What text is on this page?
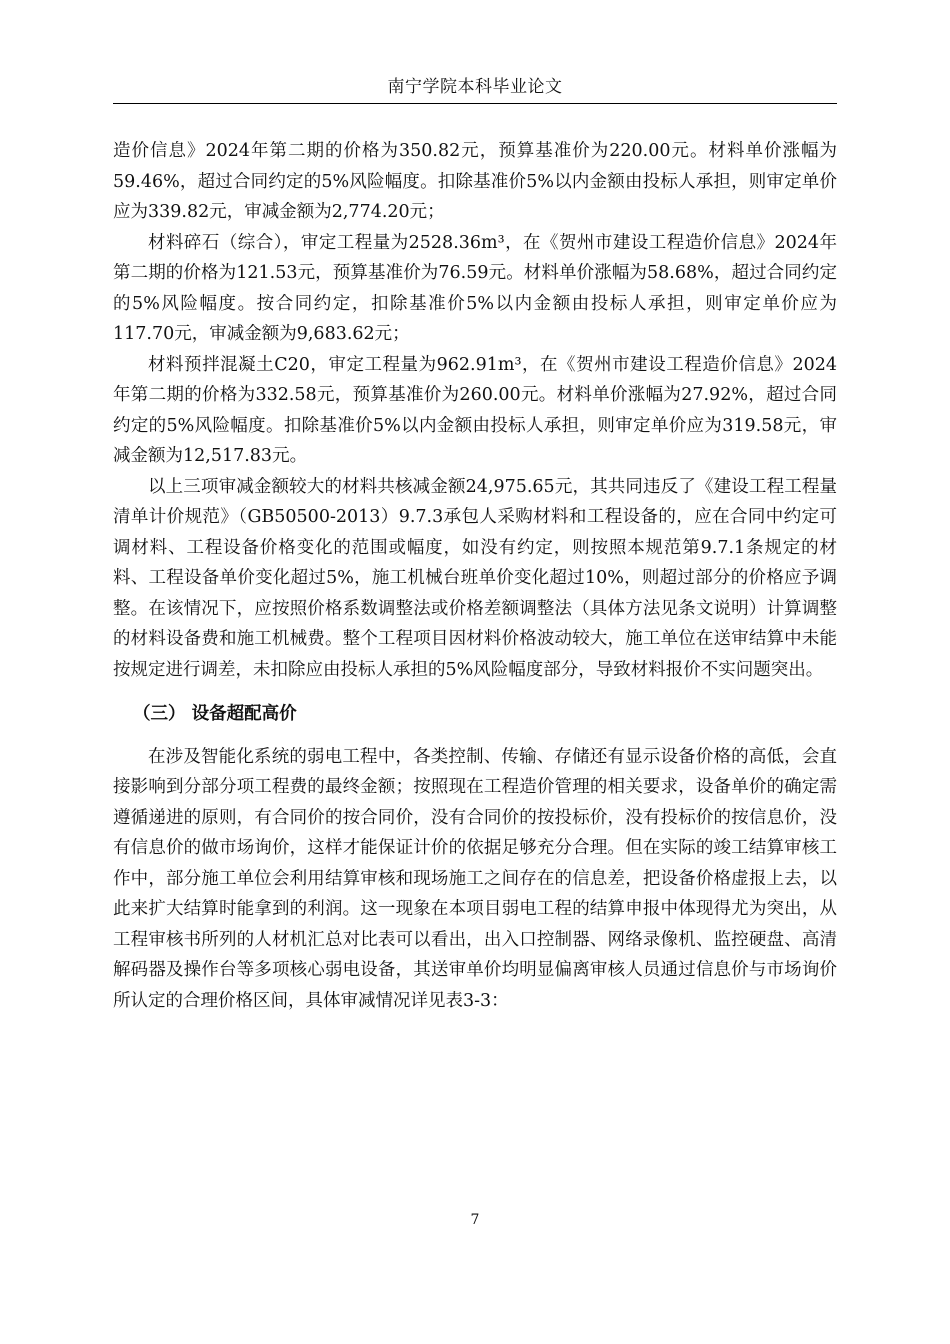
南宁学院本科毕业论文

造价信息》2024年第二期的价格为350.82元，预算基准价为220.00元。材料单价涨幅为59.46%，超过合同约定的5%风险幅度。扣除基准价5%以内金额由投标人承担，则审定单价应为339.82元，审减金额为2,774.20元；

材料碎石（综合），审定工程量为2528.36m³，在《贺州市建设工程造价信息》2024年第二期的价格为121.53元，预算基准价为76.59元。材料单价涨幅为58.68%，超过合同约定的5%风险幅度。按合同约定，扣除基准价5%以内金额由投标人承担，则审定单价应为117.70元，审减金额为9,683.62元；

材料预拌混凝土C20，审定工程量为962.91m³，在《贺州市建设工程造价信息》2024年第二期的价格为332.58元，预算基准价为260.00元。材料单价涨幅为27.92%，超过合同约定的5%风险幅度。扣除基准价5%以内金额由投标人承担，则审定单价应为319.58元，审减金额为12,517.83元。

以上三项审减金额较大的材料共核减金额24,975.65元，其共同违反了《建设工程工程量清单计价规范》（GB50500-2013）9.7.3承包人采购材料和工程设备的，应在合同中约定可调材料、工程设备价格变化的范围或幅度，如没有约定，则按照本规范第9.7.1条规定的材料、工程设备单价变化超过5%，施工机械台班单价变化超过10%，则超过部分的价格应予调整。在该情况下，应按照价格系数调整法或价格差额调整法（具体方法见条文说明）计算调整的材料设备费和施工机械费。整个工程项目因材料价格波动较大，施工单位在送审结算中未能按规定进行调差，未扣除应由投标人承担的5%风险幅度部分，导致材料报价不实问题突出。

（三） 设备超配高价

在涉及智能化系统的弱电工程中，各类控制、传输、存储还有显示设备价格的高低，会直接影响到分部分项工程费的最终金额；按照现在工程造价管理的相关要求，设备单价的确定需遵循递进的原则，有合同价的按合同价，没有合同价的按投标价，没有投标价的按信息价，没有信息价的做市场询价，这样才能保证计价的依据足够充分合理。但在实际的竣工结算审核工作中，部分施工单位会利用结算审核和现场施工之间存在的信息差，把设备价格虚报上去，以此来扩大结算时能拿到的利润。这一现象在本项目弱电工程的结算申报中体现得尤为突出，从工程审核书所列的人材机汇总对比表可以看出，出入口控制器、网络录像机、监控硬盘、高清解码器及操作台等多项核心弱电设备，其送审单价均明显偏离审核人员通过信息价与市场询价所认定的合理价格区间，具体审减情况详见表3-3：

7
